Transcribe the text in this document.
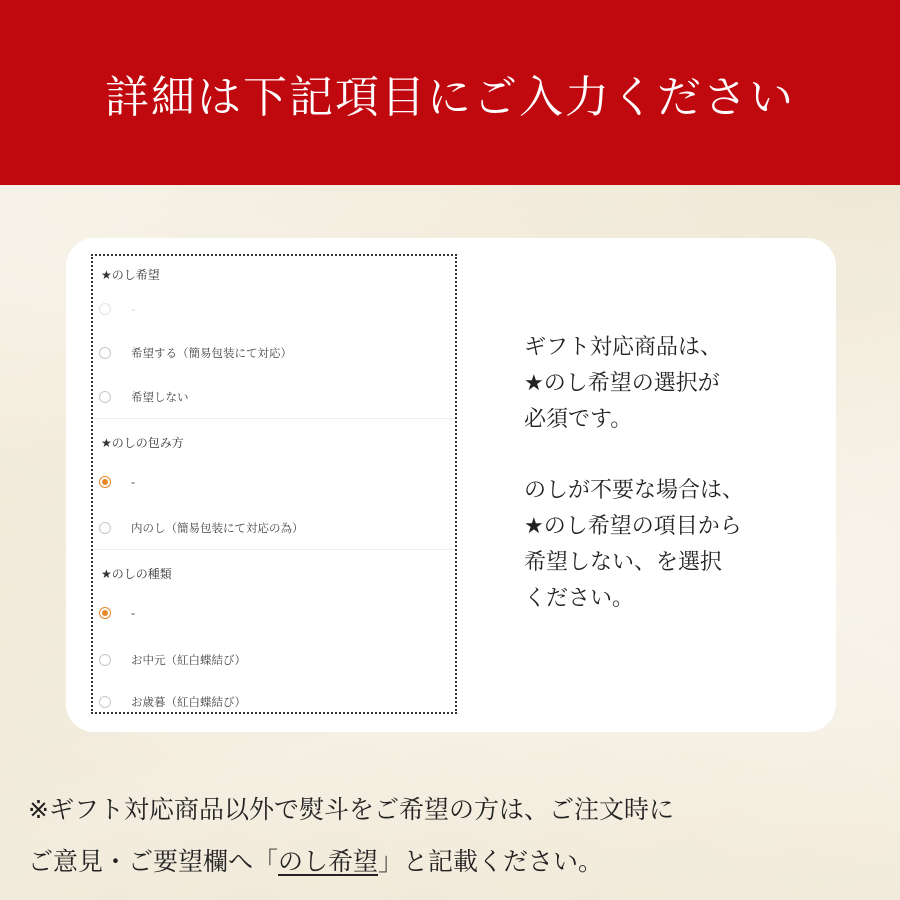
詳細は下記項目にご入力ください
★のし希望
-
希望する（簡易包装にて対応）
希望しない
★のしの包み方
-
内のし（簡易包装にて対応の為）
★のしの種類
-
お中元（紅白蝶結び）
お歳暮（紅白蝶結び）

ギフト対応商品は、

★のし希望の選択が

必須です。

のしが不要な場合は、

★のし希望の項目から

希望しない、を選択

ください。

※ギフト対応商品以外で熨斗をご希望の方は、ご注文時に

ご意見・ご要望欄へ「のし希望」と記載ください。
